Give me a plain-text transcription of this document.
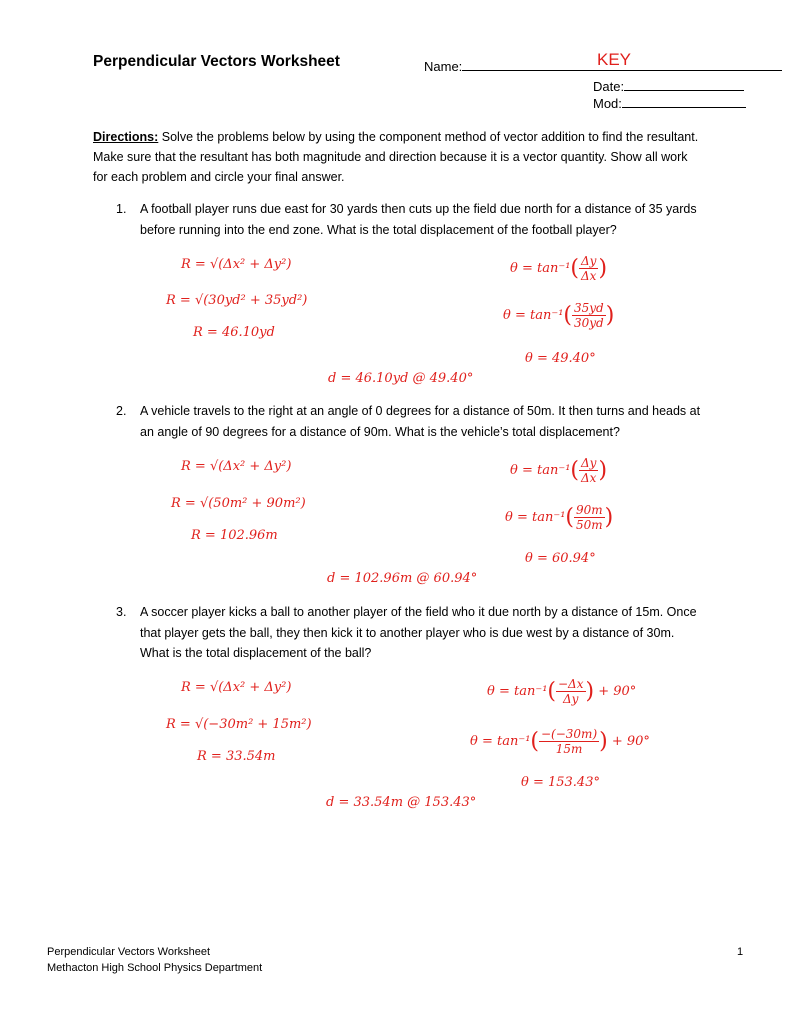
Perpendicular Vectors Worksheet	Name:	KEY
Date:
Mod:
Directions: Solve the problems below by using the component method of vector addition to find the resultant. Make sure that the resultant has both magnitude and direction because it is a vector quantity. Show all work for each problem and circle your final answer.
1. A football player runs due east for 30 yards then cuts up the field due north for a distance of 35 yards before running into the end zone. What is the total displacement of the football player?
R = √(Δx² + Δy²)
R = √(30yd² + 35yd²)
R = 46.10yd
$\theta = \tan^{-1}( \frac{\Delta y}{\Delta x}$ )
$\theta = \tan^{-1}( \frac{35yd}{30yd}$ )
θ = 49.40°
d = 46.10yd @ 49.40°
2. A vehicle travels to the right at an angle of 0 degrees for a distance of 50m. It then turns and heads at an angle of 90 degrees for a distance of 90m. What is the vehicle’s total displacement?
R = √(Δx² + Δy²)
R = √(50m² + 90m²)
R = 102.96m
$\theta = \tan^{-1}( \frac{\Delta y}{\Delta x}$ )
$\theta = \tan^{-1}( \frac{90m}{50m}$ )
θ = 60.94°
d = 102.96m @ 60.94°
3. A soccer player kicks a ball to another player of the field who it due north by a distance of 15m. Once that player gets the ball, they then kick it to another player who is due west by a distance of 30m. What is the total displacement of the ball?
R = √(Δx² + Δy²)
R = √(−30m² + 15m²)
R = 33.54m
$\theta = \tan^{-1}( \frac{-\Delta x}{\Delta y}$ ) + 90°
$\theta = \tan^{-1}( \frac{-(-30m)}{15m}$ ) + 90°
θ = 153.43°
d = 33.54m @ 153.43°
Perpendicular Vectors Worksheet
Methacton High School Physics Department
1
